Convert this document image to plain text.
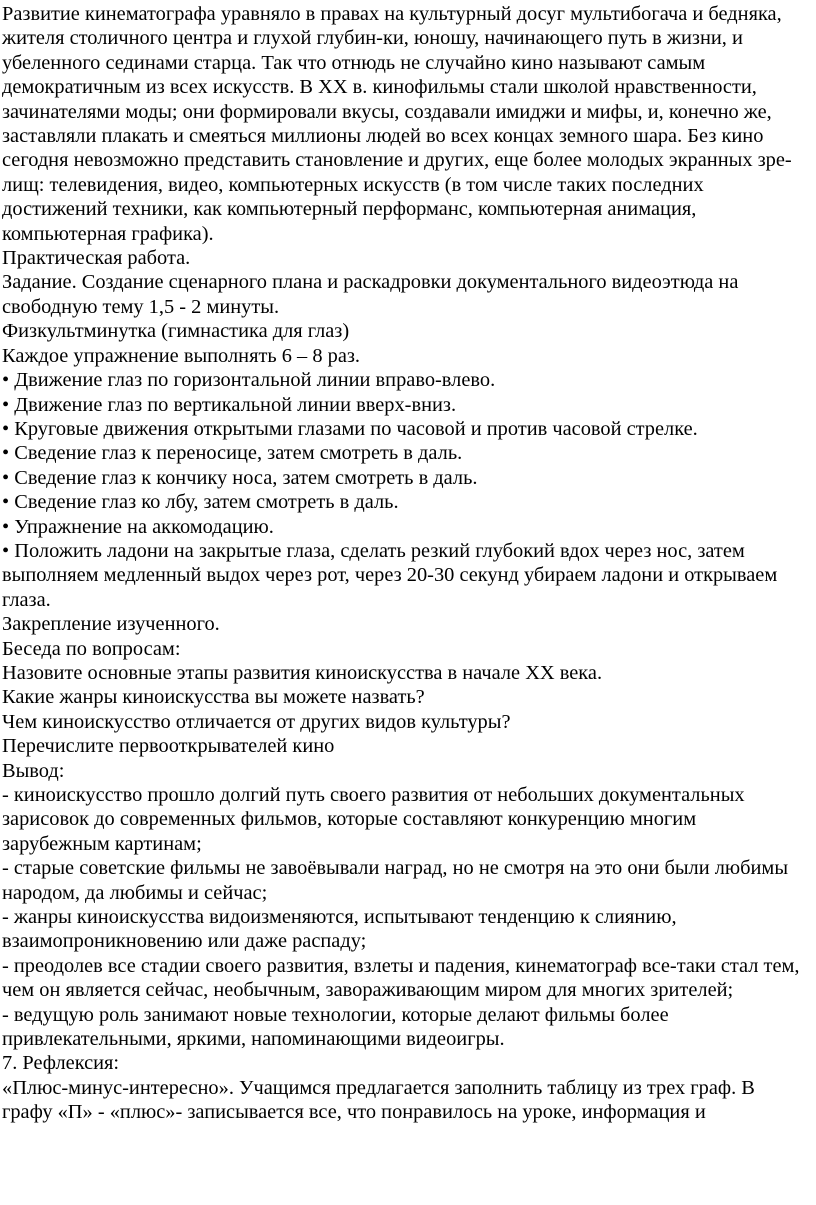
Развитие кинематографа уравняло в правах на культурный досуг мультибогача и бедняка, жителя столичного центра и глухой глубин-ки, юношу, начинающего путь в жизни, и убеленного сединами старца. Так что отнюдь не случайно кино называют самым демократичным из всех искусств. В XX в. кинофильмы стали школой нравственности, зачинателями моды; они формировали вкусы, создавали имиджи и мифы, и, конечно же, заставляли плакать и смеяться миллионы людей во всех концах земного шара. Без кино сегодня невозможно представить становление и других, еще более молодых экранных зре-лищ: телевидения, видео, компьютерных искусств (в том числе таких последних достижений техники, как компьютерный перформанс, компьютерная анимация, компьютерная графика).

Практическая работа.

Задание. Создание сценарного плана и раскадровки документального видеоэтюда на свободную тему 1,5 - 2 минуты.

Физкультминутка (гимнастика для глаз)

Каждое упражнение выполнять 6 – 8 раз.

• Движение глаз по горизонтальной линии вправо-влево.

• Движение глаз по вертикальной линии вверх-вниз.

• Круговые движения открытыми глазами по часовой и против часовой стрелке.

• Сведение глаз к переносице, затем смотреть в даль.

• Сведение глаз к кончику носа, затем смотреть в даль.

• Сведение глаз ко лбу, затем смотреть в даль.

• Упражнение на аккомодацию.

• Положить ладони на закрытые глаза, сделать резкий глубокий вдох через нос, затем выполняем медленный выдох через рот, через 20-30 секунд убираем ладони и открываем глаза.

Закрепление изученного.

Беседа по вопросам:

Назовите основные этапы развития киноискусства в начале XX века.

Какие жанры киноискусства вы можете назвать?

Чем киноискусство отличается от других видов культуры?

Перечислите первооткрывателей кино

Вывод:

- киноискусство прошло долгий путь своего развития от небольших документальных зарисовок до современных фильмов, которые составляют конкуренцию многим зарубежным картинам;

- старые советские фильмы не завоёвывали наград, но не смотря на это они были любимы народом, да любимы и сейчас;

- жанры киноискусства видоизменяются, испытывают тенденцию к слиянию, взаимопроникновению или даже распаду;

- преодолев все стадии своего развития, взлеты и падения, кинематограф все-таки стал тем, чем он является сейчас, необычным, завораживающим миром для многих зрителей;

- ведущую роль занимают новые технологии, которые делают фильмы более привлекательными, яркими, напоминающими видеоигры.

7. Рефлексия:

«Плюс-минус-интересно». Учащимся предлагается заполнить таблицу из трех граф. В графу «П» - «плюс»- записывается все, что понравилось на уроке, информация и
